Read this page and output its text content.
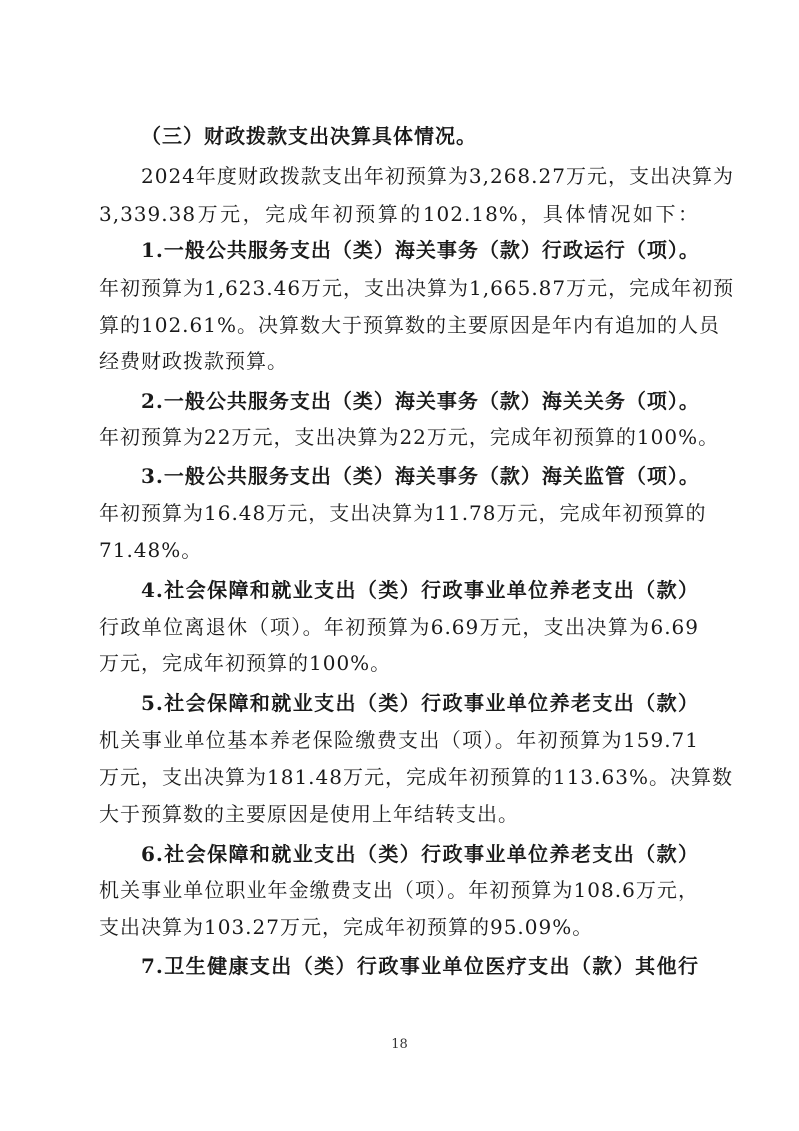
（三）财政拨款支出决算具体情况。
2024年度财政拨款支出年初预算为3,268.27万元，支出决算为
3,339.38万元，完成年初预算的102.18%，具体情况如下：
1.一般公共服务支出（类）海关事务（款）行政运行（项）。
年初预算为1,623.46万元，支出决算为1,665.87万元，完成年初预
算的102.61%。决算数大于预算数的主要原因是年内有追加的人员
经费财政拨款预算。
2.一般公共服务支出（类）海关事务（款）海关关务（项）。
年初预算为22万元，支出决算为22万元，完成年初预算的100%。
3.一般公共服务支出（类）海关事务（款）海关监管（项）。
年初预算为16.48万元，支出决算为11.78万元，完成年初预算的
71.48%。
4.社会保障和就业支出（类）行政事业单位养老支出（款）
行政单位离退休（项）。年初预算为6.69万元，支出决算为6.69
万元，完成年初预算的100%。
5.社会保障和就业支出（类）行政事业单位养老支出（款）
机关事业单位基本养老保险缴费支出（项）。年初预算为159.71
万元，支出决算为181.48万元，完成年初预算的113.63%。决算数
大于预算数的主要原因是使用上年结转支出。
6.社会保障和就业支出（类）行政事业单位养老支出（款）
机关事业单位职业年金缴费支出（项）。年初预算为108.6万元，
支出决算为103.27万元，完成年初预算的95.09%。
7.卫生健康支出（类）行政事业单位医疗支出（款）其他行
18
